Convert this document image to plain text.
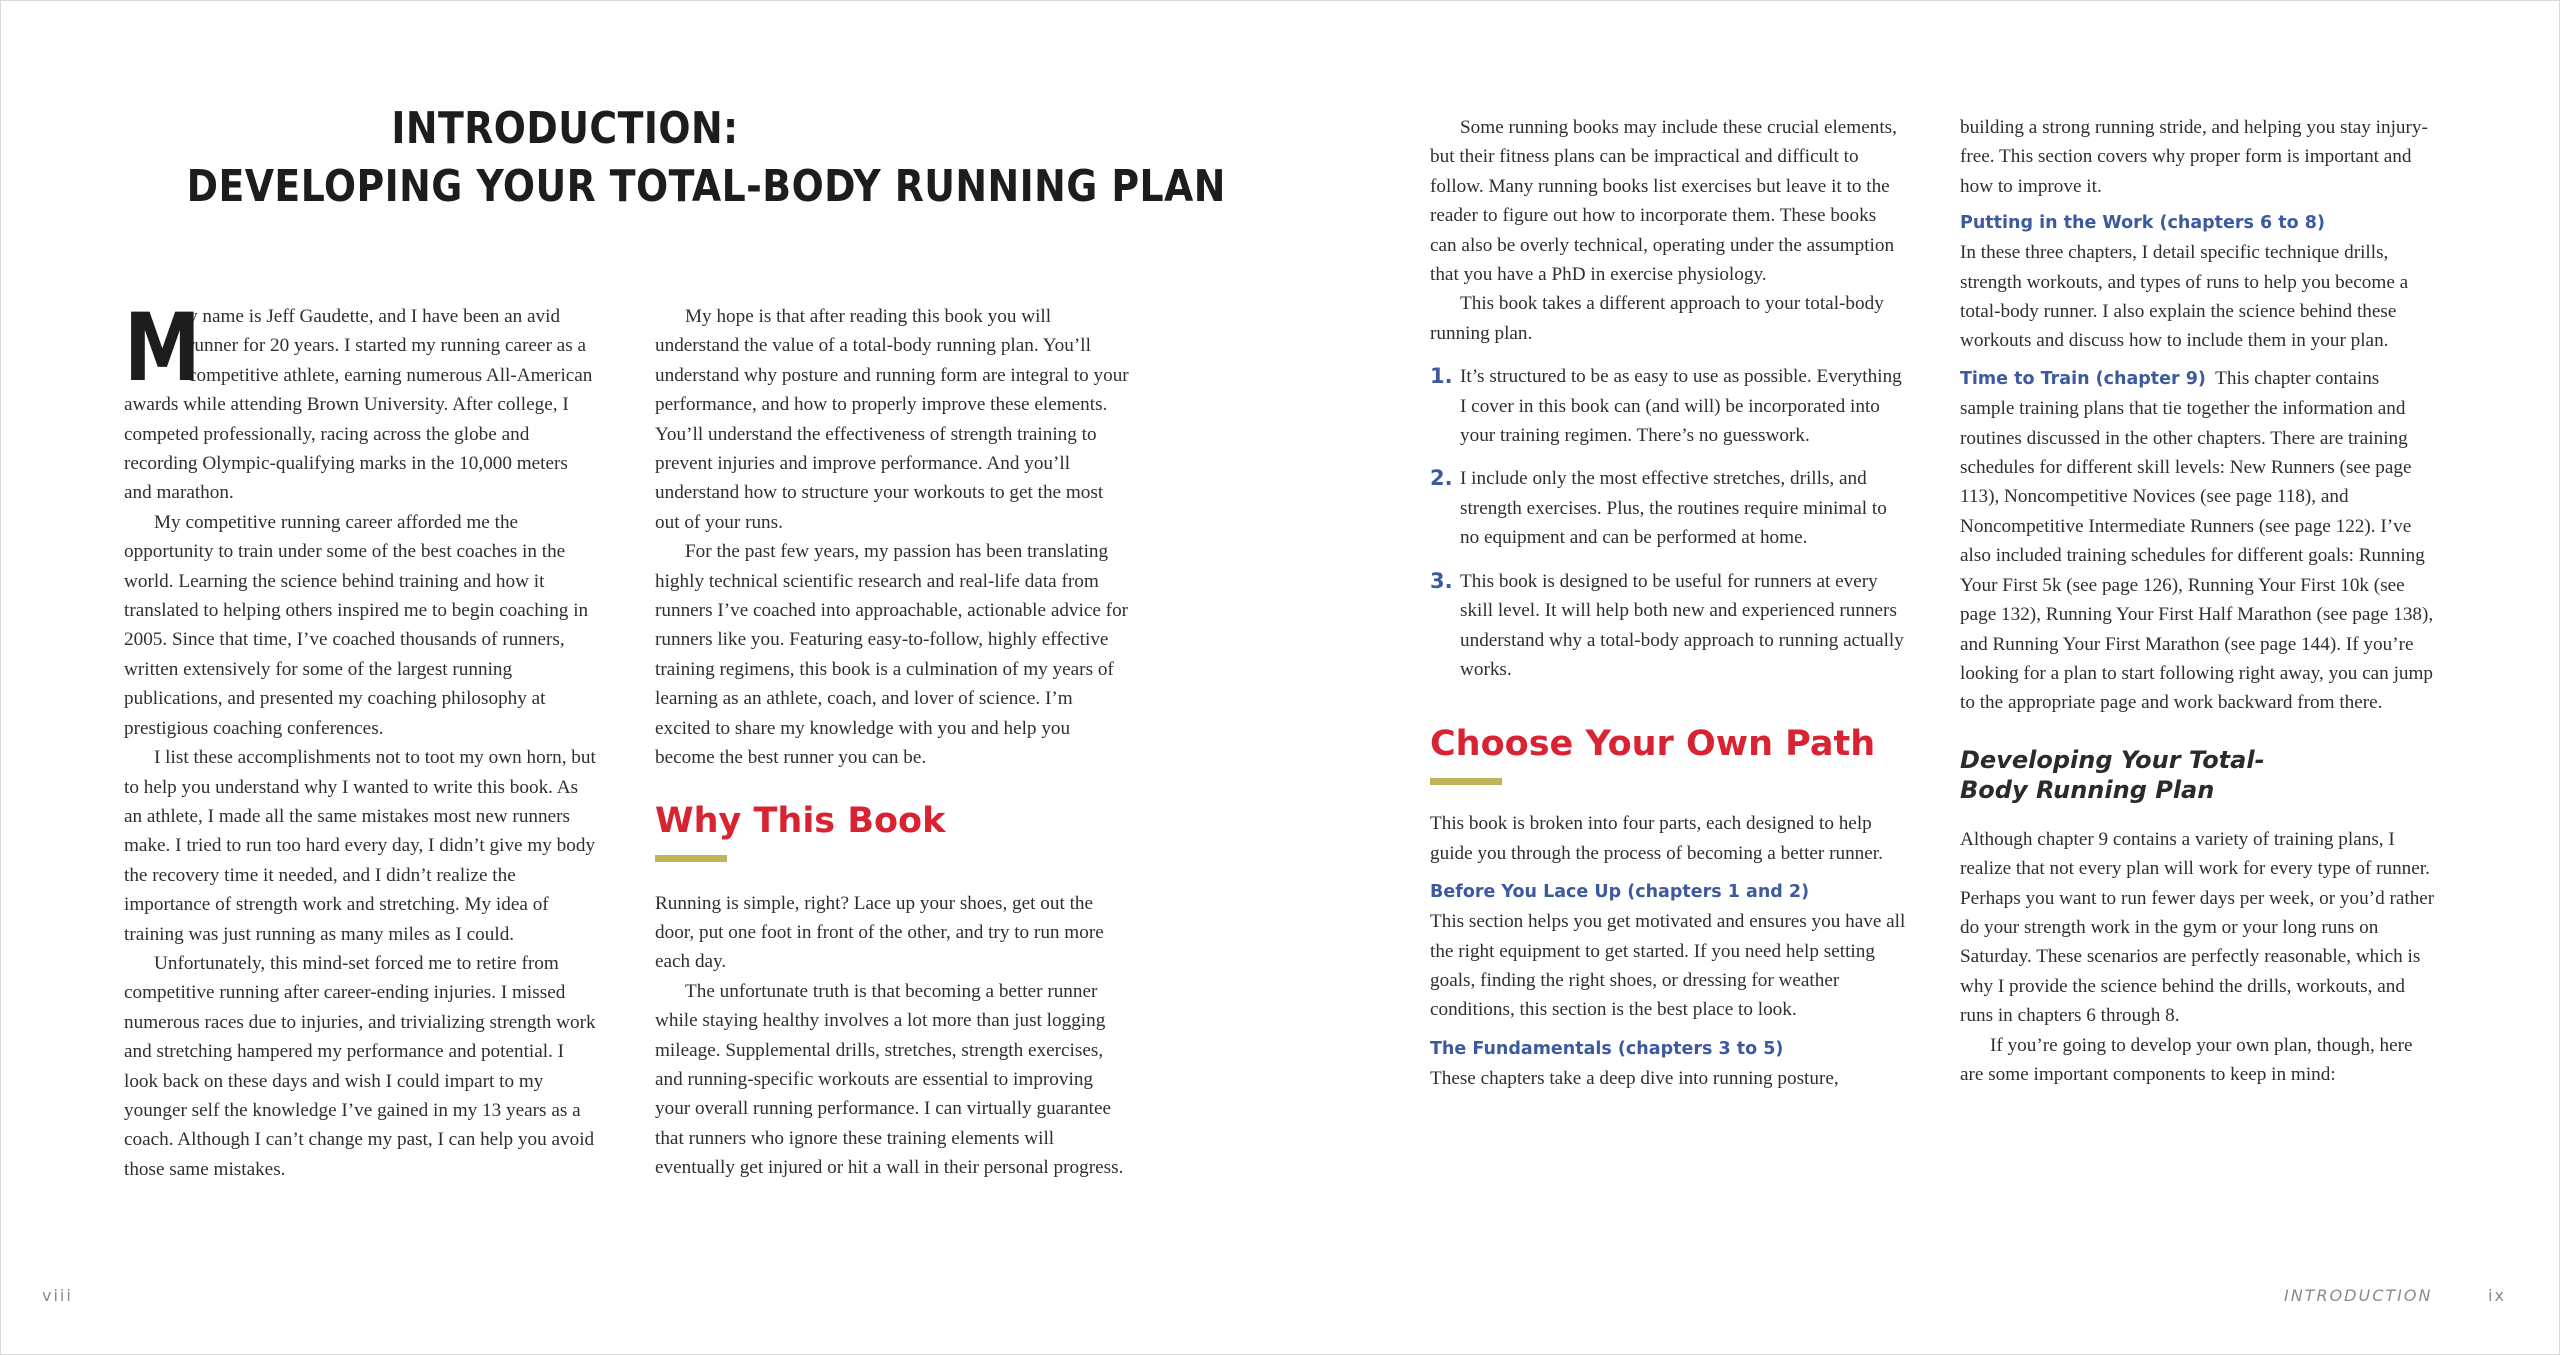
INTRODUCTION:
DEVELOPING YOUR TOTAL-BODY RUNNING PLAN

M
y name is Jeff Gaudette, and I have been an avid runner for 20 years. I started my running career as a competitive athlete, earning numerous All-American awards while attending Brown University. After college, I competed professionally, racing across the globe and recording Olympic-qualifying marks in the 10,000 meters and marathon.

My competitive running career afforded me the opportunity to train under some of the best coaches in the world. Learning the science behind training and how it translated to helping others inspired me to begin coaching in 2005. Since that time, I’ve coached thousands of runners, written extensively for some of the largest running publications, and presented my coaching philosophy at prestigious coaching conferences.

I list these accomplishments not to toot my own horn, but to help you understand why I wanted to write this book. As an athlete, I made all the same mistakes most new runners make. I tried to run too hard every day, I didn’t give my body the recovery time it needed, and I didn’t realize the importance of strength work and stretching. My idea of training was just running as many miles as I could.

Unfortunately, this mind-set forced me to retire from competitive running after career-ending injuries. I missed numerous races due to injuries, and trivializing strength work and stretching hampered my performance and potential. I look back on these days and wish I could impart to my younger self the knowledge I’ve gained in my 13 years as a coach. Although I can’t change my past, I can help you avoid those same mistakes.

My hope is that after reading this book you will understand the value of a total-body running plan. You’ll understand why posture and running form are integral to your performance, and how to properly improve these elements. You’ll understand the effectiveness of strength training to prevent injuries and improve performance. And you’ll understand how to structure your workouts to get the most out of your runs.

For the past few years, my passion has been translating highly technical scientific research and real-life data from runners I’ve coached into approachable, actionable advice for runners like you. Featuring easy-to-follow, highly effective training regimens, this book is a culmination of my years of learning as an athlete, coach, and lover of science. I’m excited to share my knowledge with you and help you become the best runner you can be.

Why This Book

Running is simple, right? Lace up your shoes, get out the door, put one foot in front of the other, and try to run more each day.

The unfortunate truth is that becoming a better runner while staying healthy involves a lot more than just logging mileage. Supplemental drills, stretches, strength exercises, and running-specific workouts are essential to improving your overall running performance. I can virtually guarantee that runners who ignore these training elements will eventually get injured or hit a wall in their personal progress.

viii

Some running books may include these crucial elements, but their fitness plans can be impractical and difficult to follow. Many running books list exercises but leave it to the reader to figure out how to incorporate them. These books can also be overly technical, operating under the assumption that you have a PhD in exercise physiology.

This book takes a different approach to your total-body running plan.

1. It’s structured to be as easy to use as possible. Everything I cover in this book can (and will) be incorporated into your training regimen. There’s no guesswork.
2. I include only the most effective stretches, drills, and strength exercises. Plus, the routines require minimal to no equipment and can be performed at home.
3. This book is designed to be useful for runners at every skill level. It will help both new and experienced runners understand why a total-body approach to running actually works.
Choose Your Own Path

This book is broken into four parts, each designed to help guide you through the process of becoming a better runner.

Before You Lace Up (chapters 1 and 2)

This section helps you get motivated and ensures you have all the right equipment to get started. If you need help setting goals, finding the right shoes, or dressing for weather conditions, this section is the best place to look.

The Fundamentals (chapters 3 to 5)

These chapters take a deep dive into running posture,

building a strong running stride, and helping you stay injury-free. This section covers why proper form is important and how to improve it.

Putting in the Work (chapters 6 to 8)

In these three chapters, I detail specific technique drills, strength workouts, and types of runs to help you become a total-body runner. I also explain the science behind these workouts and discuss how to include them in your plan.

Time to Train (chapter 9) This chapter contains sample training plans that tie together the information and routines discussed in the other chapters. There are training schedules for different skill levels: New Runners (see page 113), Noncompetitive Novices (see page 118), and Noncompetitive Intermediate Runners (see page 122). I’ve also included training schedules for different goals: Running Your First 5k (see page 126), Running Your First 10k (see page 132), Running Your First Half Marathon (see page 138), and Running Your First Marathon (see page 144). If you’re looking for a plan to start following right away, you can jump to the appropriate page and work backward from there.

Developing Your Total-
Body Running Plan

Although chapter 9 contains a variety of training plans, I realize that not every plan will work for every type of runner. Perhaps you want to run fewer days per week, or you’d rather do your strength work in the gym or your long runs on Saturday. These scenarios are perfectly reasonable, which is why I provide the science behind the drills, workouts, and runs in chapters 6 through 8.

If you’re going to develop your own plan, though, here are some important components to keep in mind:

INTRODUCTION	ix
